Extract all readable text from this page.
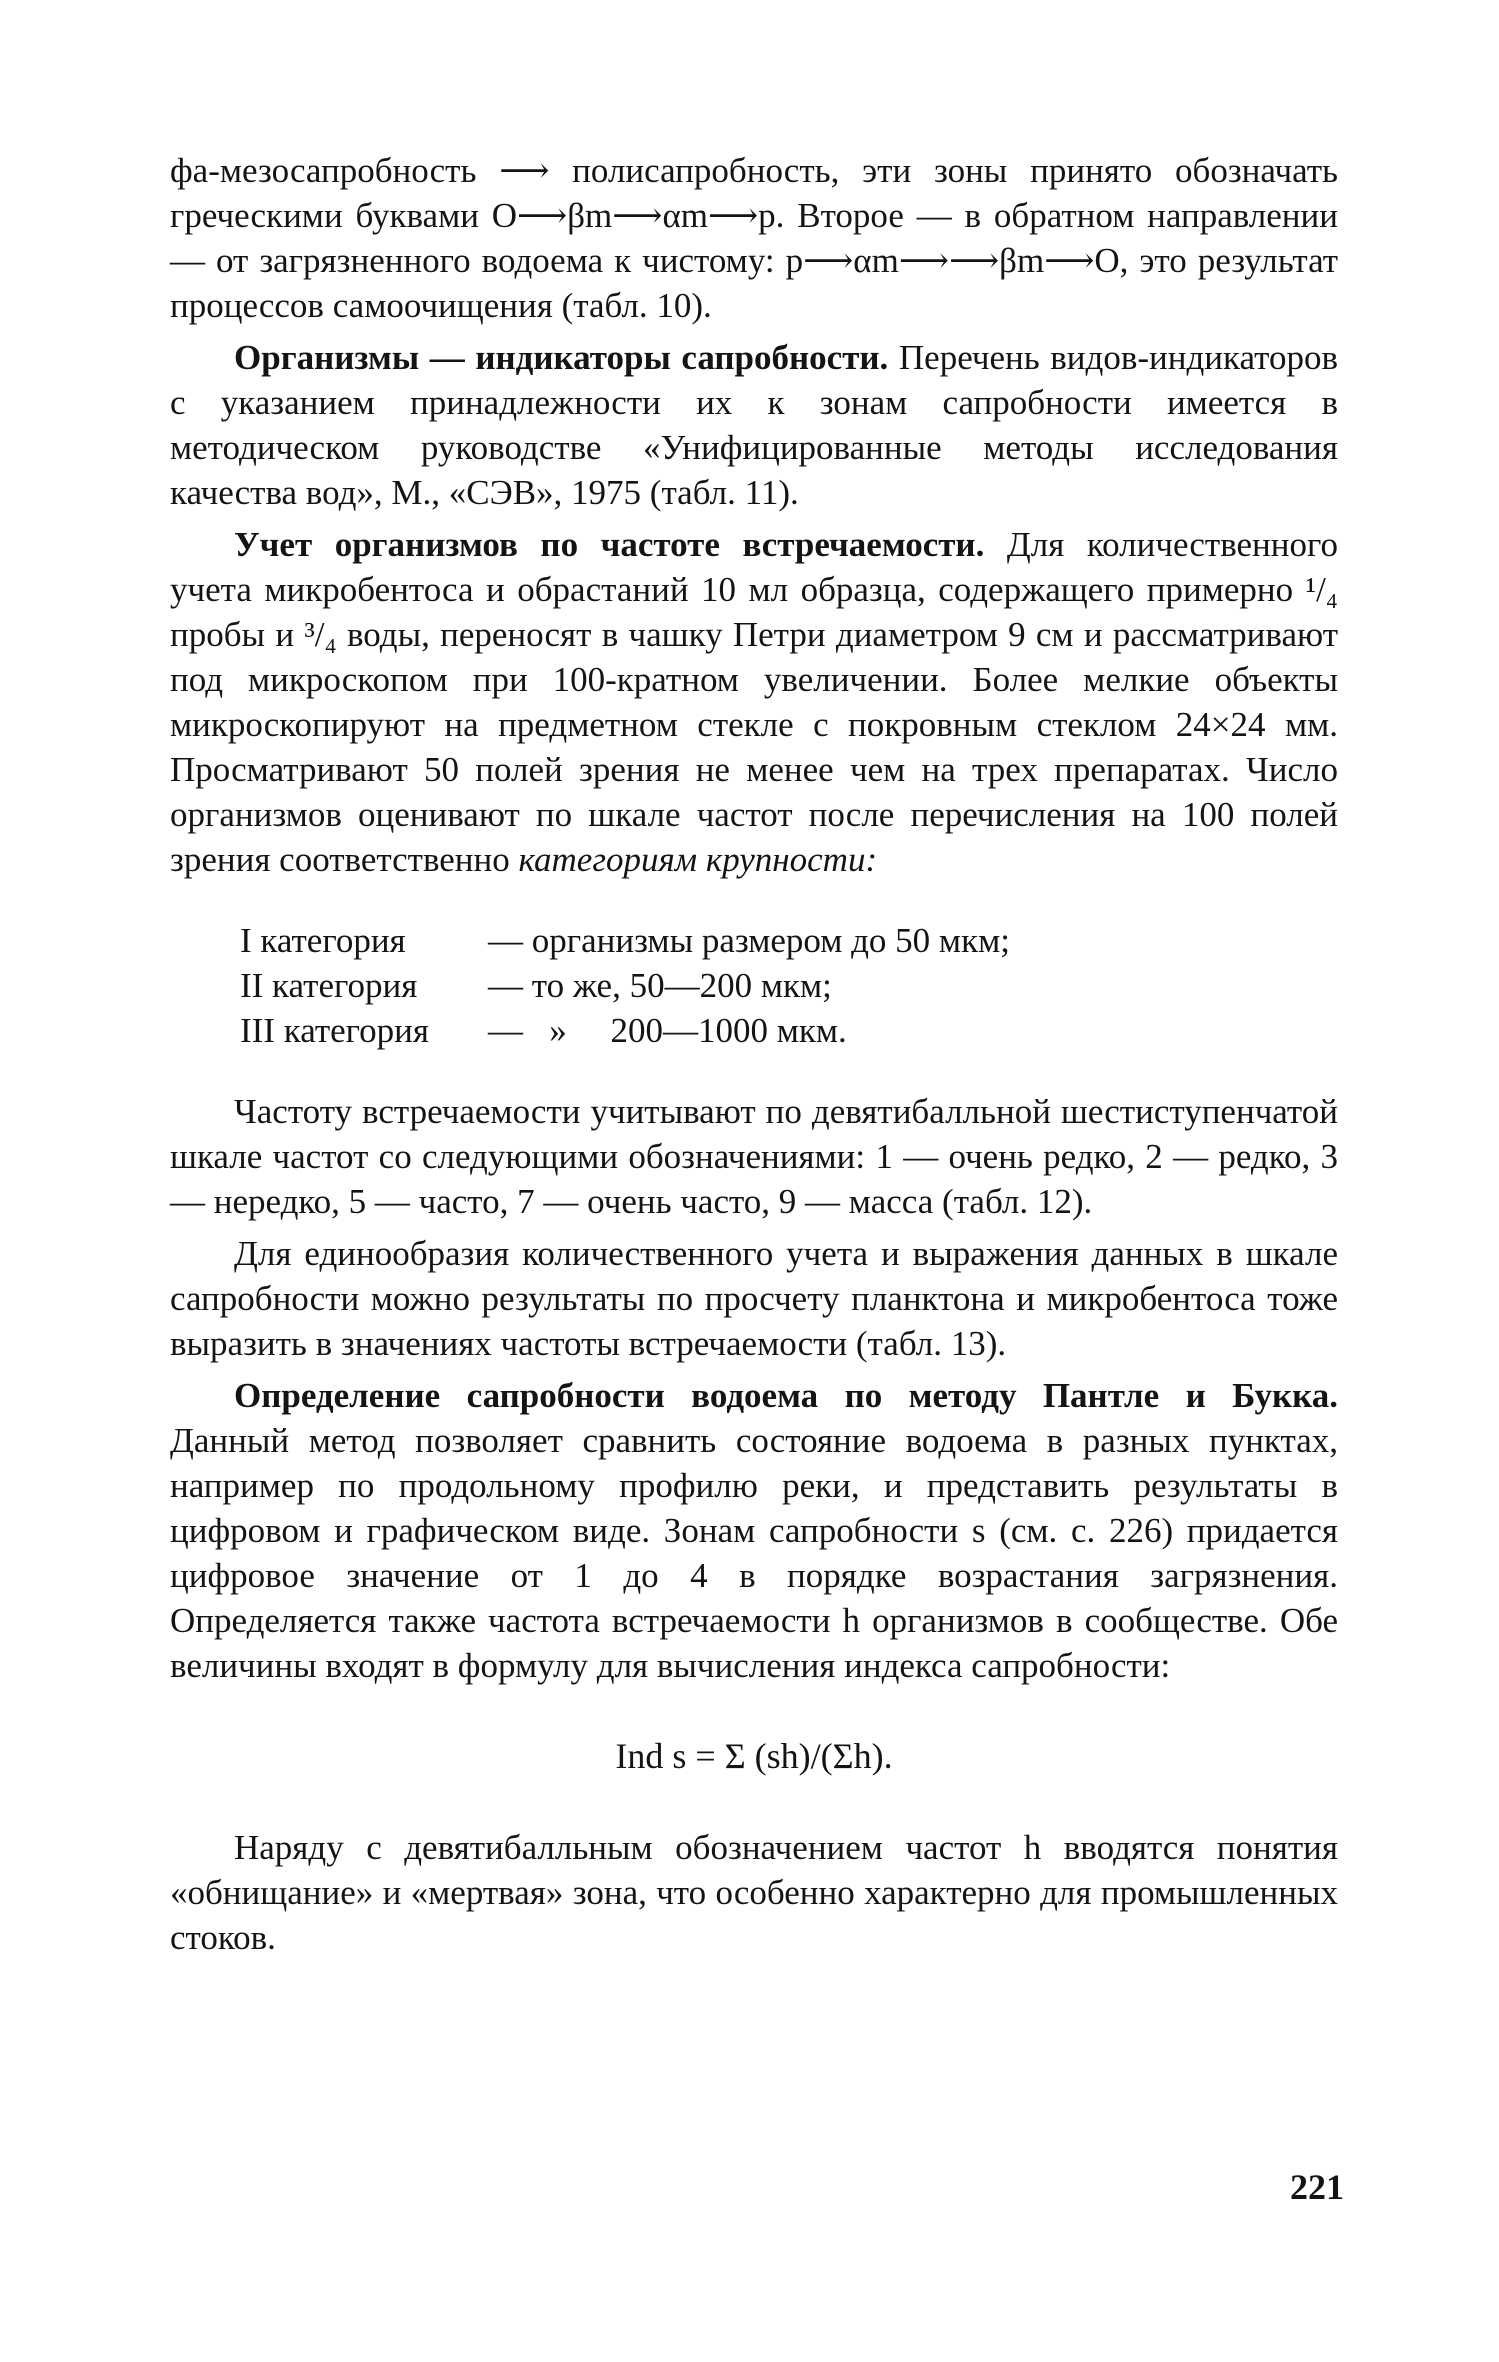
фа-мезосапробность ⟶ полисапробность, эти зоны принято обозначать греческими буквами O⟶βm⟶αm⟶p. Второе — в обратном направлении — от загрязненного водоема к чистому: p⟶αm⟶⟶βm⟶O, это результат процессов самоочищения (табл. 10).

Организмы — индикаторы сапробности. Перечень видов-индикаторов с указанием принадлежности их к зонам сапробности имеется в методическом руководстве «Унифицированные методы исследования качества вод», М., «СЭВ», 1975 (табл. 11).

Учет организмов по частоте встречаемости. Для количественного учета микробентоса и обрастаний 10 мл образца, содержащего примерно ¹/₄ пробы и ³/₄ воды, переносят в чашку Петри диаметром 9 см и рассматривают под микроскопом при 100-кратном увеличении. Более мелкие объекты микроскопируют на предметном стекле с покровным стеклом 24×24 мм. Просматривают 50 полей зрения не менее чем на трех препаратах. Число организмов оценивают по шкале частот после перечисления на 100 полей зрения соответственно категориям крупности:

I категория	— организмы размером до 50 мкм;
II категория	— то же, 50—200 мкм;
III категория	—   »     200—1000 мкм.

Частоту встречаемости учитывают по девятибалльной шестиступенчатой шкале частот со следующими обозначениями: 1 — очень редко, 2 — редко, 3 — нередко, 5 — часто, 7 — очень часто, 9 — масса (табл. 12).

Для единообразия количественного учета и выражения данных в шкале сапробности можно результаты по просчету планктона и микробентоса тоже выразить в значениях частоты встречаемости (табл. 13).

Определение сапробности водоема по методу Пантле и Букка. Данный метод позволяет сравнить состояние водоема в разных пунктах, например по продольному профилю реки, и представить результаты в цифровом и графическом виде. Зонам сапробности s (см. с. 226) придается цифровое значение от 1 до 4 в порядке возрастания загрязнения. Определяется также частота встречаемости h организмов в сообществе. Обе величины входят в формулу для вычисления индекса сапробности:

Ind s = Σ (sh)/(Σh).

Наряду с девятибалльным обозначением частот h вводятся понятия «обнищание» и «мертвая» зона, что особенно характерно для промышленных стоков.

221
